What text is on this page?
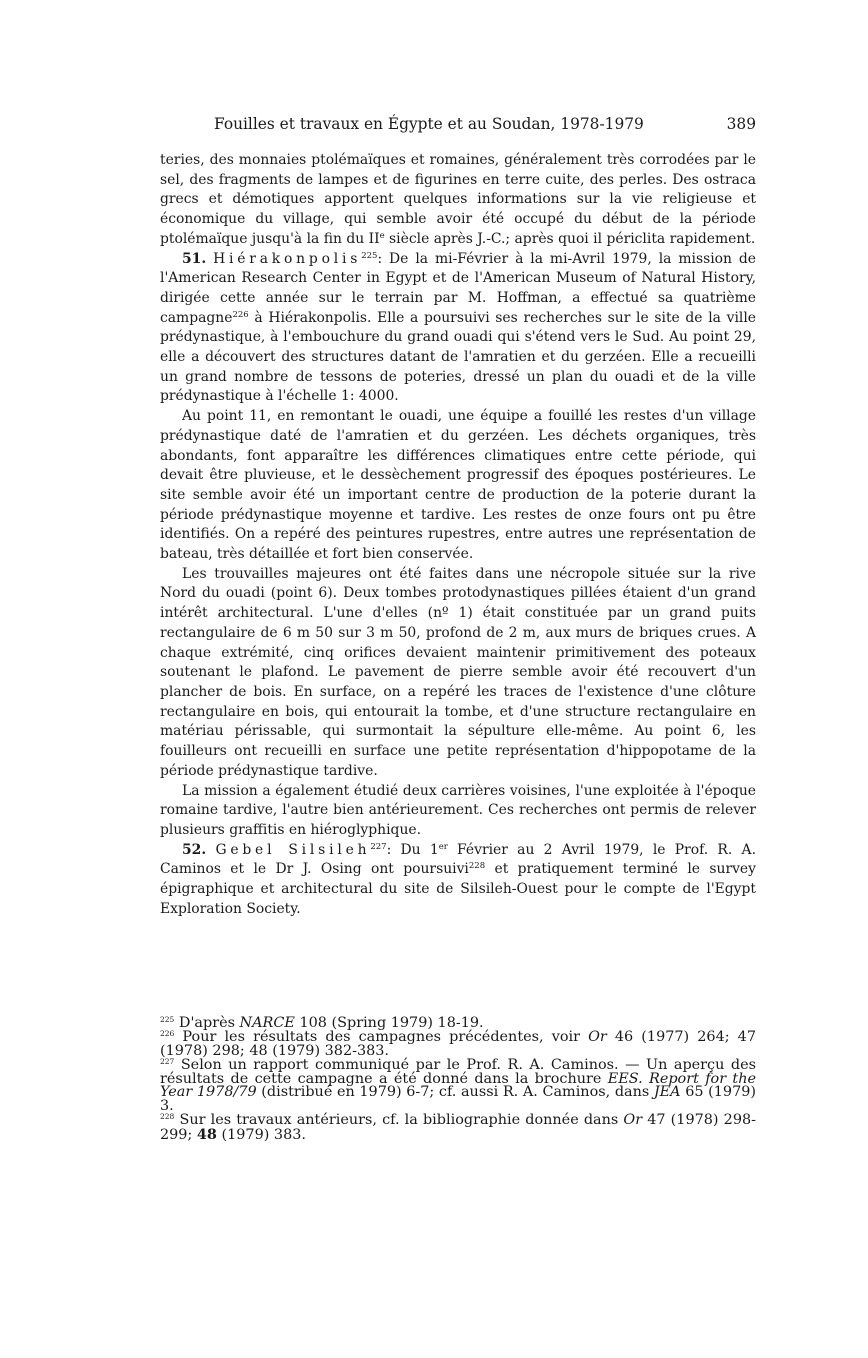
Fouilles et travaux en Égypte et au Soudan, 1978-1979	389

teries, des monnaies ptolémaïques et romaines, généralement très corrodées par le sel, des fragments de lampes et de figurines en terre cuite, des perles. Des ostraca grecs et démotiques apportent quelques informations sur la vie religieuse et économique du village, qui semble avoir été occupé du début de la période ptolémaïque jusqu'à la fin du IIe siècle après J.-C.; après quoi il périclita rapidement.

51. Hiérakonpolis$^{225}$: De la mi-Février à la mi-Avril 1979, la mission de l'American Research Center in Egypt et de l'American Museum of Natural History, dirigée cette année sur le terrain par M. Hoffman, a effectué sa quatrième campagne$^{226}$ à Hiérakonpolis. Elle a poursuivi ses recherches sur le site de la ville prédynastique, à l'embouchure du grand ouadi qui s'étend vers le Sud. Au point 29, elle a découvert des structures datant de l'amratien et du gerzéen. Elle a recueilli un grand nombre de tessons de poteries, dressé un plan du ouadi et de la ville prédynastique à l'échelle 1: 4000.

Au point 11, en remontant le ouadi, une équipe a fouillé les restes d'un village prédynastique daté de l'amratien et du gerzéen. Les déchets organiques, très abondants, font apparaître les différences climatiques entre cette période, qui devait être pluvieuse, et le dessèchement progressif des époques postérieures. Le site semble avoir été un important centre de production de la poterie durant la période prédynastique moyenne et tardive. Les restes de onze fours ont pu être identifiés. On a repéré des peintures rupestres, entre autres une représentation de bateau, très détaillée et fort bien conservée.

Les trouvailles majeures ont été faites dans une nécropole située sur la rive Nord du ouadi (point 6). Deux tombes protodynastiques pillées étaient d'un grand intérêt architectural. L'une d'elles (nº 1) était constituée par un grand puits rectangulaire de 6 m 50 sur 3 m 50, profond de 2 m, aux murs de briques crues. A chaque extrémité, cinq orifices devaient maintenir primitivement des poteaux soutenant le plafond. Le pavement de pierre semble avoir été recouvert d'un plancher de bois. En surface, on a repéré les traces de l'existence d'une clôture rectangulaire en bois, qui entourait la tombe, et d'une structure rectangulaire en matériau périssable, qui surmontait la sépulture elle-même. Au point 6, les fouilleurs ont recueilli en surface une petite représentation d'hippopotame de la période prédynastique tardive.

La mission a également étudié deux carrières voisines, l'une exploitée à l'époque romaine tardive, l'autre bien antérieurement. Ces recherches ont permis de relever plusieurs graffitis en hiéroglyphique.

52. Gebel Silsileh$^{227}$: Du 1er Février au 2 Avril 1979, le Prof. R. A. Caminos et le Dr J. Osing ont poursuivi$^{228}$ et pratiquement terminé le survey épigraphique et architectural du site de Silsileh-Ouest pour le compte de l'Egypt Exploration Society.

$^{225}$ D'après NARCE 108 (Spring 1979) 18-19.

$^{226}$ Pour les résultats des campagnes précédentes, voir Or 46 (1977) 264; 47 (1978) 298; 48 (1979) 382-383.

$^{227}$ Selon un rapport communiqué par le Prof. R. A. Caminos. — Un aperçu des résultats de cette campagne a été donné dans la brochure EES. Report for the Year 1978/79 (distribué en 1979) 6-7; cf. aussi R. A. Caminos, dans JEA 65 (1979) 3.

$^{228}$ Sur les travaux antérieurs, cf. la bibliographie donnée dans Or 47 (1978) 298-299; 48 (1979) 383.
